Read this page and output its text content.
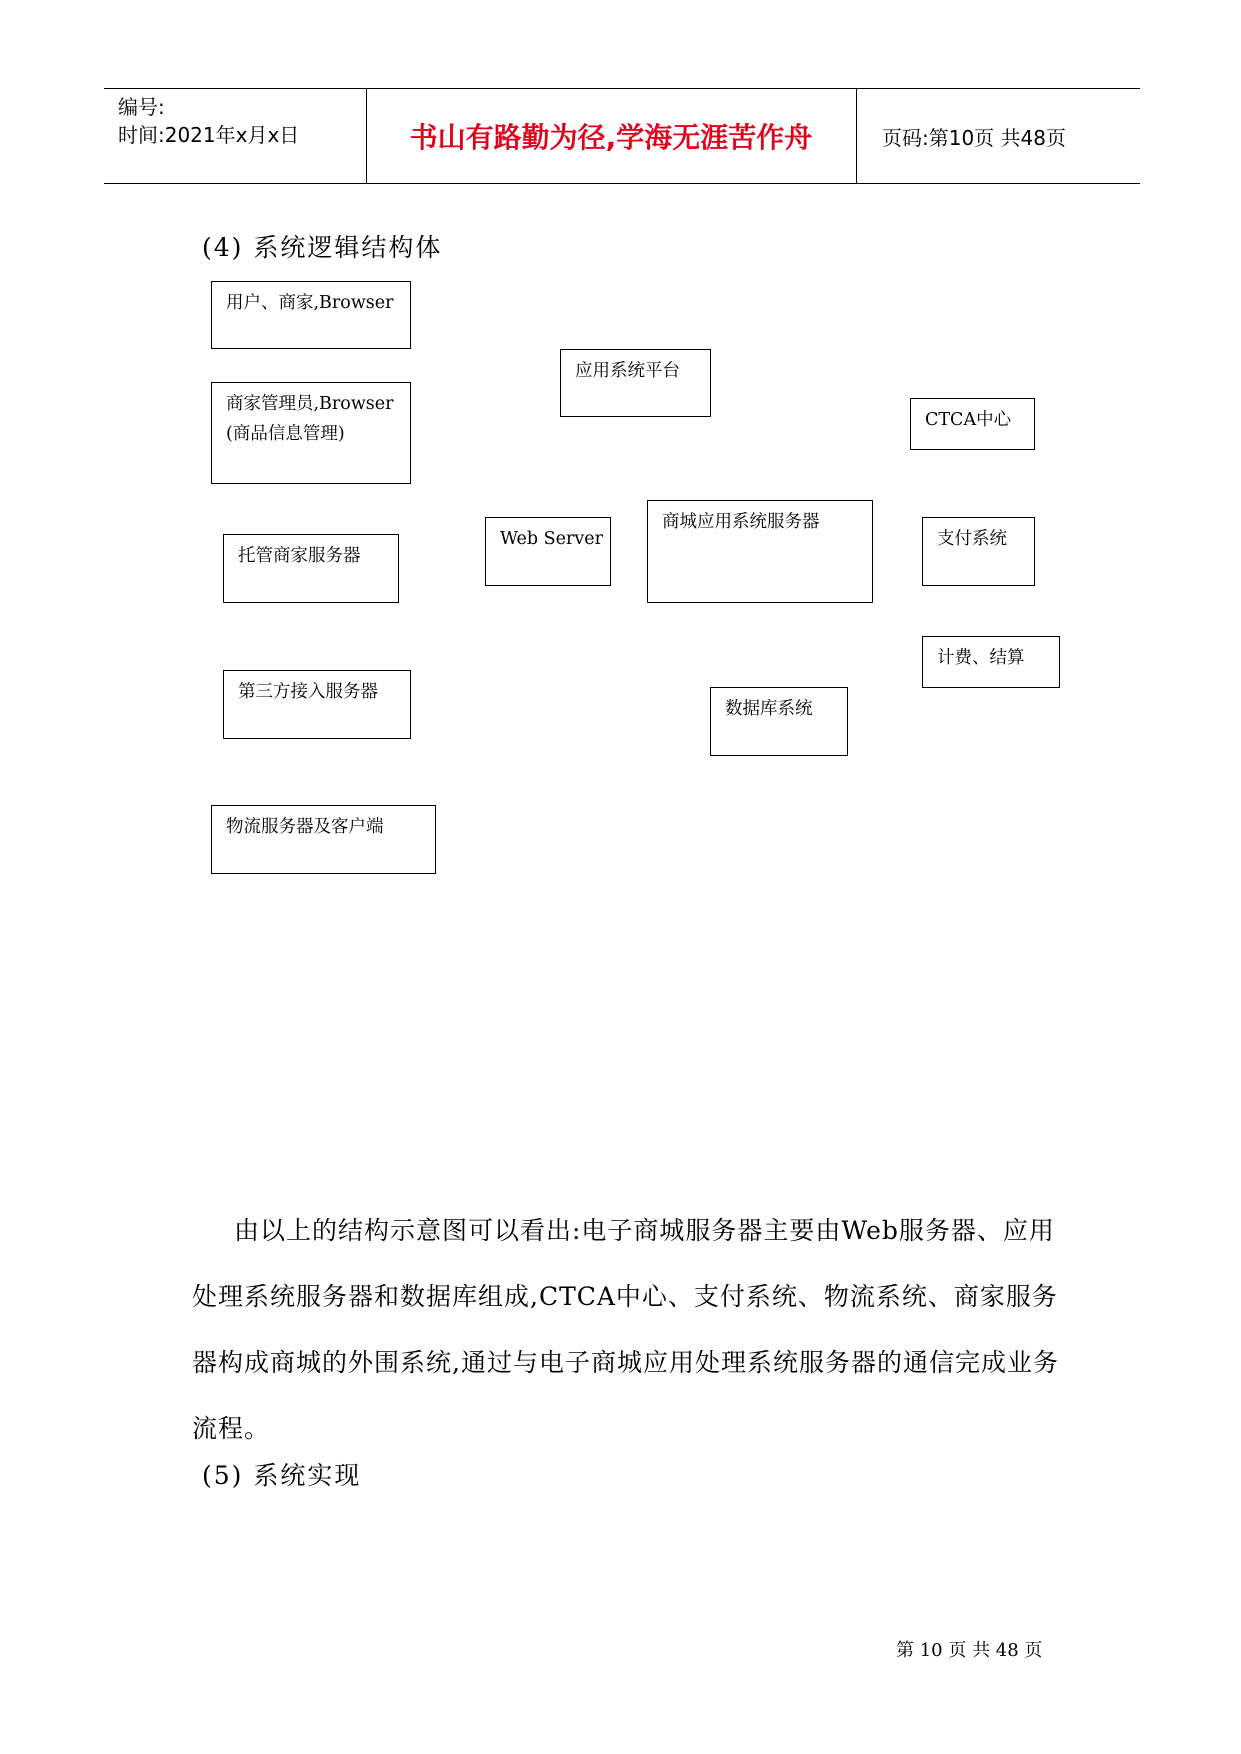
编号:
时间:2021年x月x日	书山有路勤为径,学海无涯苦作舟	页码:第10页 共48页
(4) 系统逻辑结构体
用户、商家,Browser
商家管理员,Browser
(商品信息管理)
托管商家服务器
第三方接入服务器
物流服务器及客户端
应用系统平台
Web Server
商城应用系统服务器
数据库系统
CTCA中心
支付系统
计费、结算
由以上的结构示意图可以看出:电子商城服务器主要由Web服务器、应用处理系统服务器和数据库组成,CTCA中心、支付系统、物流系统、商家服务器构成商城的外围系统,通过与电子商城应用处理系统服务器的通信完成业务流程。
(5) 系统实现
第 10 页 共 48 页
